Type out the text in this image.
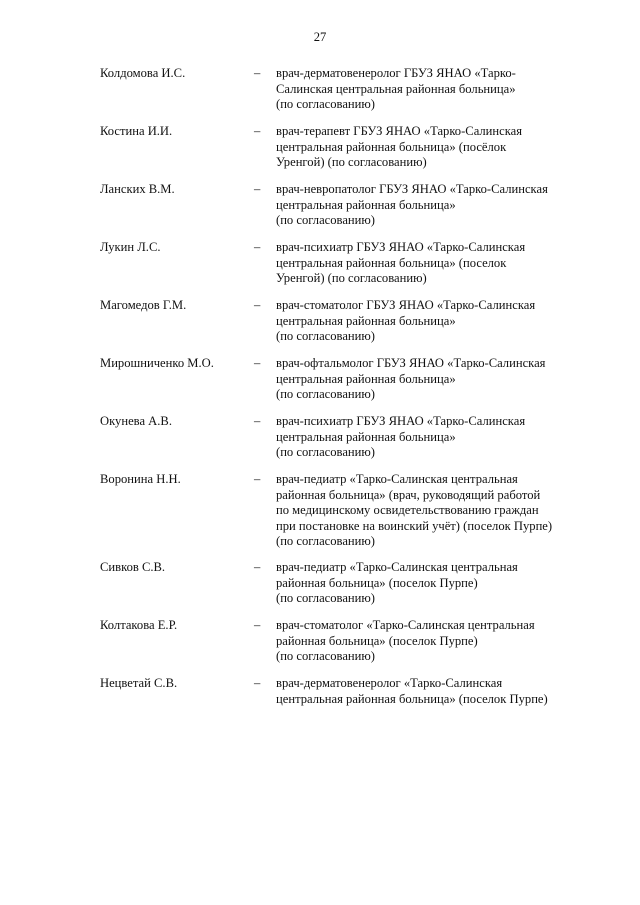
27
Колдомова И.С.	– врач-дерматовенеролог ГБУЗ ЯНАО «Тарко-
Салинская центральная районная больница»
(по согласованию)
Костина И.И.	– врач-терапевт ГБУЗ ЯНАО «Тарко-Салинская
центральная районная больница» (посёлок
Уренгой) (по согласованию)
Ланских В.М.	– врач-невропатолог ГБУЗ ЯНАО «Тарко-Салинская
центральная районная больница»
(по согласованию)
Лукин Л.С.	– врач-психиатр ГБУЗ ЯНАО «Тарко-Салинская
центральная районная больница» (поселок
Уренгой) (по согласованию)
Магомедов Г.М.	– врач-стоматолог ГБУЗ ЯНАО «Тарко-Салинская
центральная районная больница»
(по согласованию)
Мирошниченко М.О.	– врач-офтальмолог ГБУЗ ЯНАО «Тарко-Салинская
центральная районная больница»
(по согласованию)
Окунева А.В.	– врач-психиатр ГБУЗ ЯНАО «Тарко-Салинская
центральная районная больница»
(по согласованию)
Воронина Н.Н.	– врач-педиатр «Тарко-Салинская центральная
районная больница» (врач, руководящий работой
по медицинскому освидетельствованию граждан
при постановке на воинский учёт) (поселок Пурпе)
(по согласованию)
Сивков С.В.	– врач-педиатр «Тарко-Салинская центральная
районная больница» (поселок Пурпе)
(по согласованию)
Колтакова Е.Р.	– врач-стоматолог «Тарко-Салинская центральная
районная больница» (поселок Пурпе)
(по согласованию)
Нецветай С.В.	– врач-дерматовенеролог «Тарко-Салинская
центральная районная больница» (поселок Пурпе)
